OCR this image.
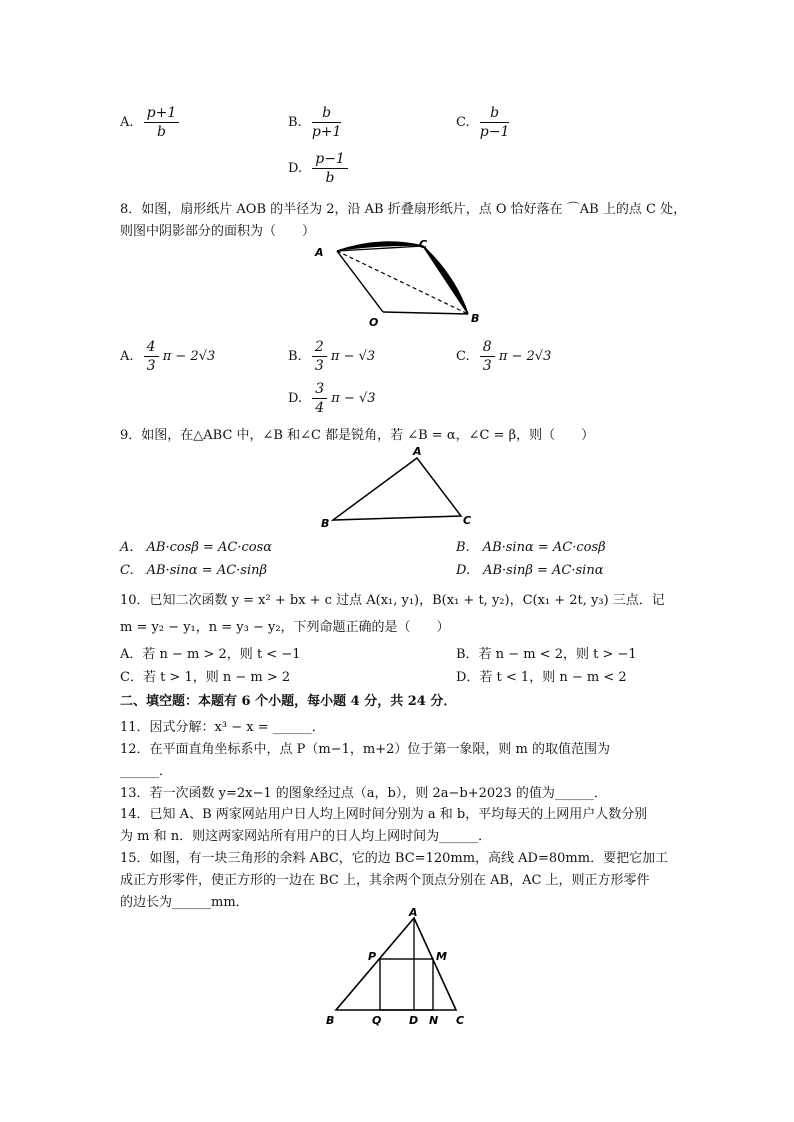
A. $\frac{p+1}{b}$	B. $\frac{b}{p+1}$	C. $\frac{b}{p-1}$
D. $\frac{p-1}{b}$
8．如图，扇形纸片 AOB 的半径为 2，沿 AB 折叠扇形纸片，点 O 恰好落在 ⌒AB 上的点 C 处，
则图中阴影部分的面积为（　　）
A
C
O	B
A. $\frac{4}{3}$ π − 2√3	B. $\frac{2}{3}$ π − √3	C. $\frac{8}{3}$ π − 2√3
D. $\frac{3}{4}$ π − √3
9．如图，在△ABC 中，∠B 和∠C 都是锐角，若 ∠B = α，∠C = β，则（　　）
A
B	C
A.　AB·cosβ = AC·cosα	B.　AB·sinα = AC·cosβ
C.　AB·sinα = AC·sinβ	D.　AB·sinβ = AC·sinα
10．已知二次函数 y = x² + bx + c 过点 A(x₁, y₁)，B(x₁ + t, y₂)，C(x₁ + 2t, y₃) 三点．记
m = y₂ − y₁，n = y₃ − y₂，下列命题正确的是（　　）
A．若 n − m > 2，则 t < −1	B．若 n − m < 2，则 t > −1
C．若 t > 1，则 n − m > 2	D．若 t < 1，则 n − m < 2
二、填空题：本题有 6 个小题，每小题 4 分，共 24 分．
11．因式分解：x³ − x = ______．
12．在平面直角坐标系中，点 P（m−1，m+2）位于第一象限，则 m 的取值范围为
______．
13．若一次函数 y=2x−1 的图象经过点（a，b），则 2a−b+2023 的值为______．
14．已知 A、B 两家网站用户日人均上网时间分别为 a 和 b，平均每天的上网用户人数分别
为 m 和 n．则这两家网站所有用户的日人均上网时间为______．
15．如图，有一块三角形的余料 ABC，它的边 BC=120mm，高线 AD=80mm．要把它加工
成正方形零件，使正方形的一边在 BC 上，其余两个顶点分别在 AB，AC 上，则正方形零件
的边长为______mm．
A
P	M
B	Q	D N C
